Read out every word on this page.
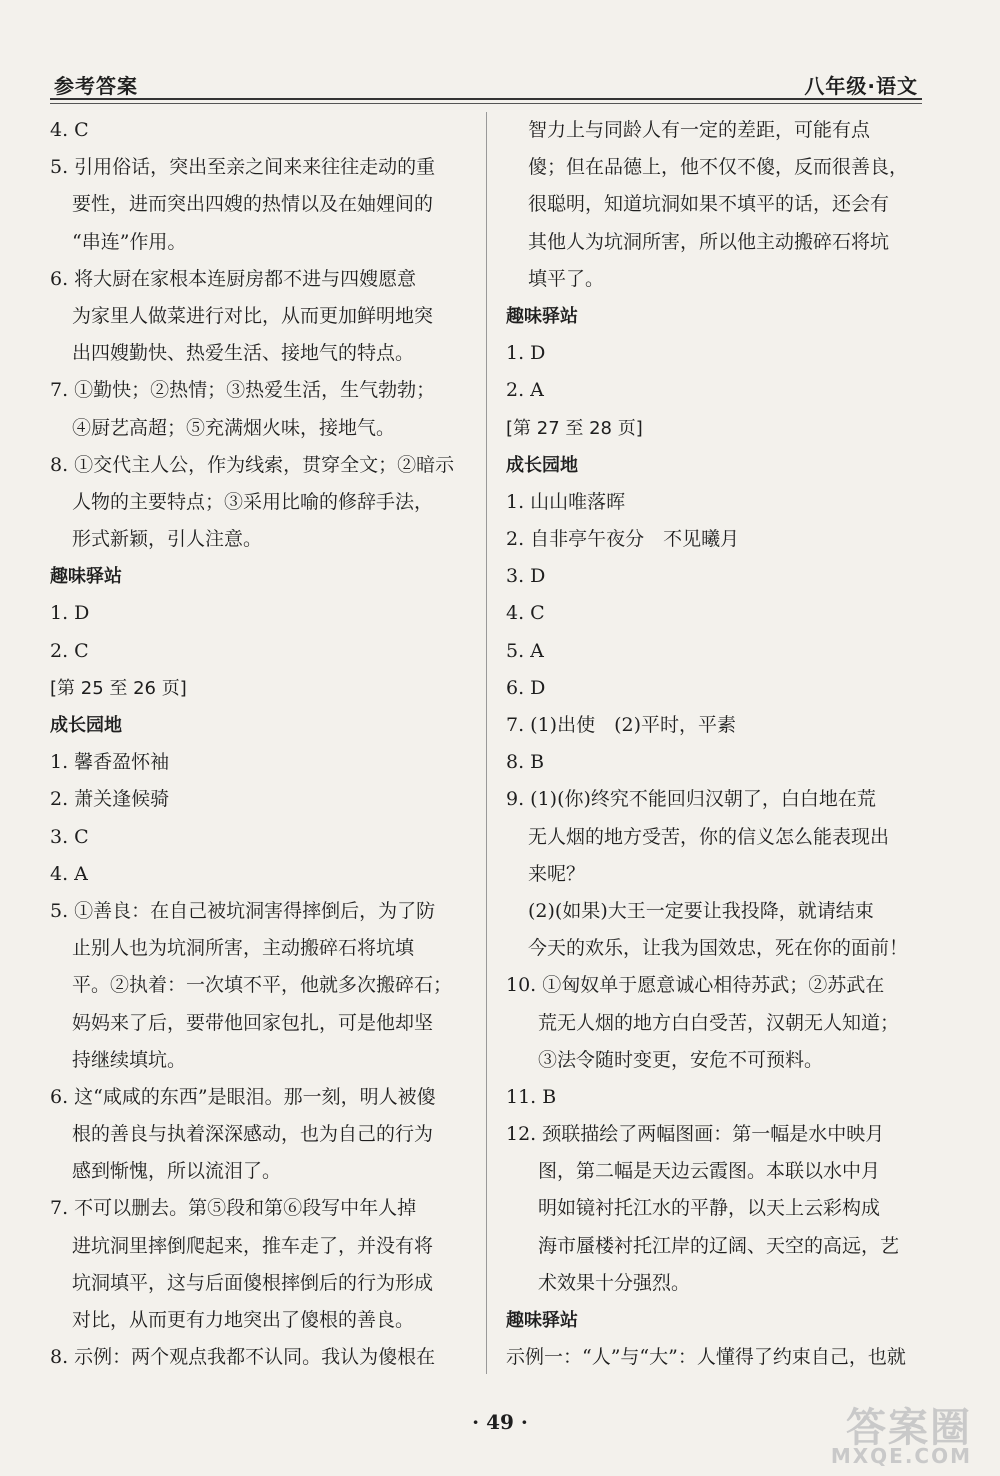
参考答案	八年级·语文
4. C
5. 引用俗话，突出至亲之间来来往往走动的重
要性，进而突出四嫂的热情以及在妯娌间的
“串连”作用。
6. 将大厨在家根本连厨房都不进与四嫂愿意
为家里人做菜进行对比，从而更加鲜明地突
出四嫂勤快、热爱生活、接地气的特点。
7. ①勤快；②热情；③热爱生活，生气勃勃；
④厨艺高超；⑤充满烟火味，接地气。
8. ①交代主人公，作为线索，贯穿全文；②暗示
人物的主要特点；③采用比喻的修辞手法，
形式新颖，引人注意。
趣味驿站
1. D
2. C
[第 25 至 26 页]
成长园地
1. 馨香盈怀袖
2. 萧关逢候骑
3. C
4. A
5. ①善良：在自己被坑洞害得摔倒后，为了防
止别人也为坑洞所害，主动搬碎石将坑填
平。②执着：一次填不平，他就多次搬碎石；
妈妈来了后，要带他回家包扎，可是他却坚
持继续填坑。
6. 这“咸咸的东西”是眼泪。那一刻，明人被傻
根的善良与执着深深感动，也为自己的行为
感到惭愧，所以流泪了。
7. 不可以删去。第⑤段和第⑥段写中年人掉
进坑洞里摔倒爬起来，推车走了，并没有将
坑洞填平，这与后面傻根摔倒后的行为形成
对比，从而更有力地突出了傻根的善良。
8. 示例：两个观点我都不认同。我认为傻根在
智力上与同龄人有一定的差距，可能有点
傻；但在品德上，他不仅不傻，反而很善良，
很聪明，知道坑洞如果不填平的话，还会有
其他人为坑洞所害，所以他主动搬碎石将坑
填平了。
趣味驿站
1. D
2. A
[第 27 至 28 页]
成长园地
1. 山山唯落晖
2. 自非亭午夜分　不见曦月
3. D
4. C
5. A
6. D
7. (1)出使　(2)平时，平素
8. B
9. (1)(你)终究不能回归汉朝了，白白地在荒
无人烟的地方受苦，你的信义怎么能表现出
来呢？
(2)(如果)大王一定要让我投降，就请结束
今天的欢乐，让我为国效忠，死在你的面前！
10. ①匈奴单于愿意诚心相待苏武；②苏武在
荒无人烟的地方白白受苦，汉朝无人知道；
③法令随时变更，安危不可预料。
11. B
12. 颈联描绘了两幅图画：第一幅是水中映月
图，第二幅是天边云霞图。本联以水中月
明如镜衬托江水的平静，以天上云彩构成
海市蜃楼衬托江岸的辽阔、天空的高远，艺
术效果十分强烈。
趣味驿站
示例一：“人”与“大”：人懂得了约束自己，也就
· 49 ·	答案圈
MXQE.COM
